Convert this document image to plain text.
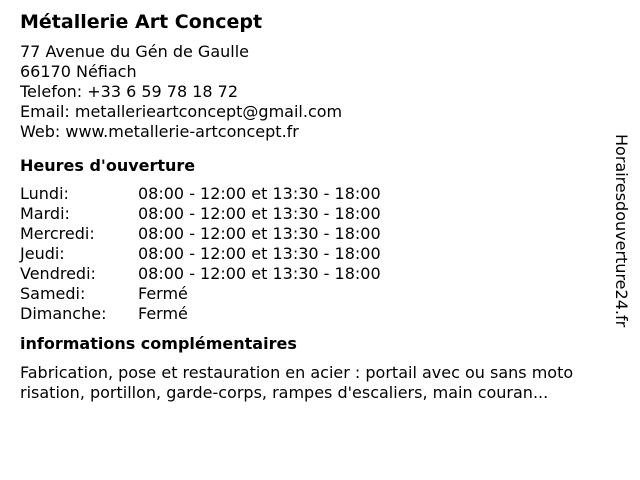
Métallerie Art Concept
77 Avenue du Gén de Gaulle
66170 Néfiach
Telefon: +33 6 59 78 18 72
Email: metallerieartconcept@gmail.com
Web: www.metallerie-artconcept.fr
Heures d'ouverture
Lundi:	08:00 - 12:00 et 13:30 - 18:00
Mardi:	08:00 - 12:00 et 13:30 - 18:00
Mercredi:	08:00 - 12:00 et 13:30 - 18:00
Jeudi:	08:00 - 12:00 et 13:30 - 18:00
Vendredi:	08:00 - 12:00 et 13:30 - 18:00
Samedi:	Fermé
Dimanche: Fermé
informations complémentaires
Fabrication, pose et restauration en acier : portail avec ou sans moto risation, portillon, garde-corps, rampes d'escaliers, main couran...
Horairesdouverture24.fr
